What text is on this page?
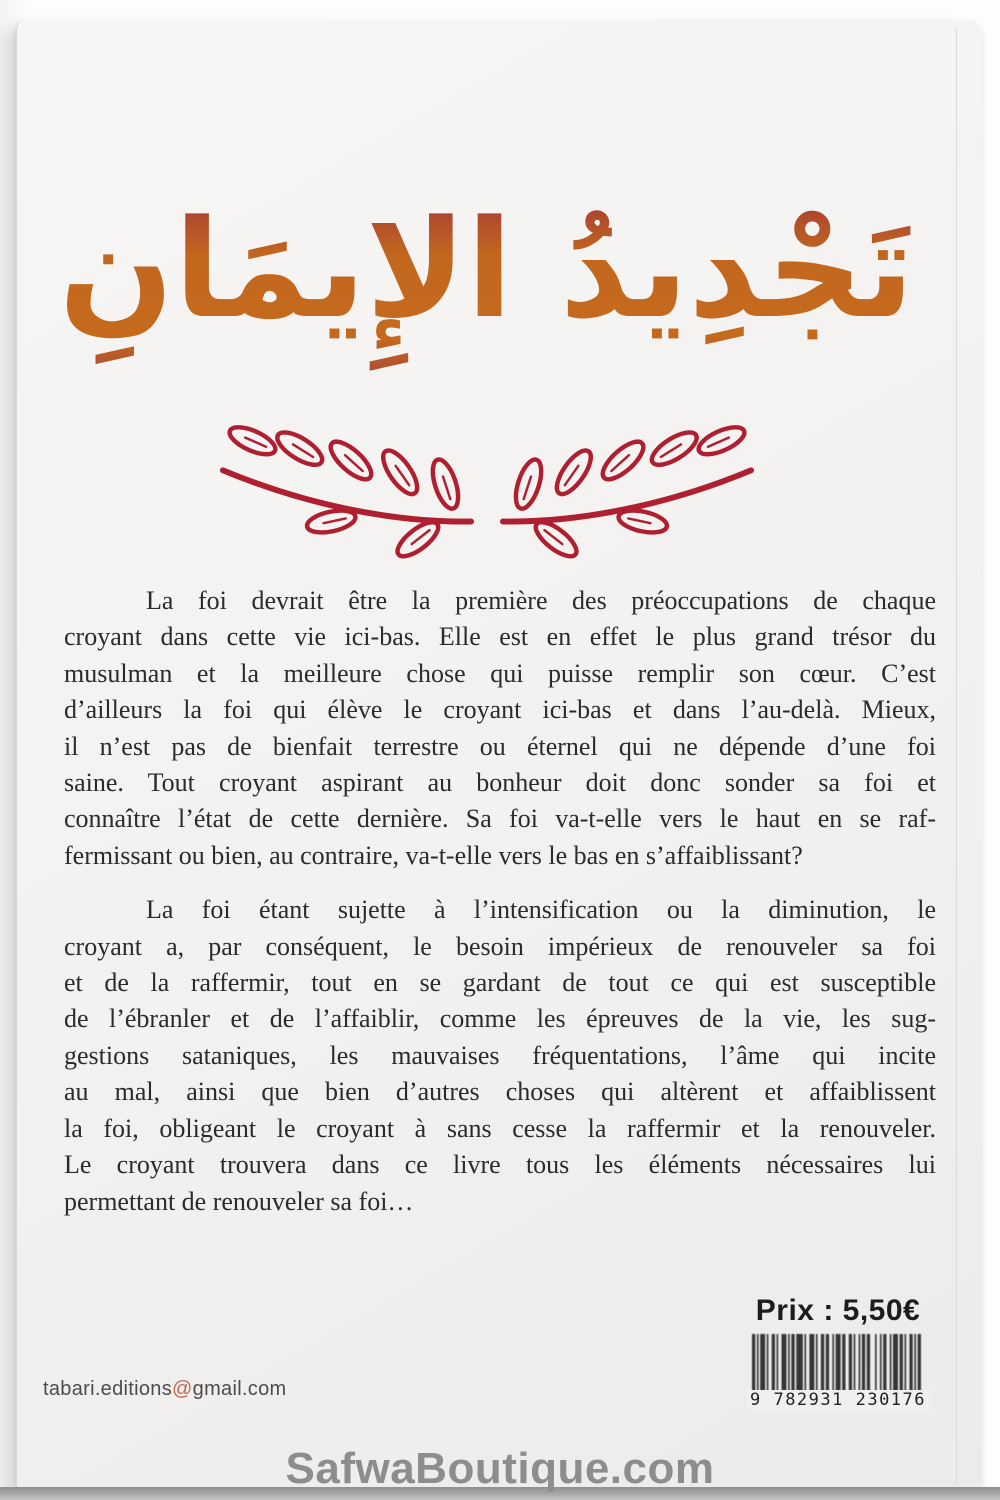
تَجْدِيدُ الإِيمَانِ
La foi devrait être la première des préoccupations de chaque
croyant dans cette vie ici-bas. Elle est en effet le plus grand trésor du
musulman et la meilleure chose qui puisse remplir son cœur. C’est
d’ailleurs la foi qui élève le croyant ici-bas et dans l’au-delà. Mieux,
il n’est pas de bienfait terrestre ou éternel qui ne dépende d’une foi
saine. Tout croyant aspirant au bonheur doit donc sonder sa foi et
connaître l’état de cette dernière. Sa foi va-t-elle vers le haut en se raf-
fermissant ou bien, au contraire, va-t-elle vers le bas en s’affaiblissant?
La foi étant sujette à l’intensification ou la diminution, le
croyant a, par conséquent, le besoin impérieux de renouveler sa foi
et de la raffermir, tout en se gardant de tout ce qui est susceptible
de l’ébranler et de l’affaiblir, comme les épreuves de la vie, les sug-
gestions sataniques, les mauvaises fréquentations, l’âme qui incite
au mal, ainsi que bien d’autres choses qui altèrent et affaiblissent
la foi, obligeant le croyant à sans cesse la raffermir et la renouveler.
Le croyant trouvera dans ce livre tous les éléments nécessaires lui
permettant de renouveler sa foi…
Prix : 5,50€
9 782931 230176
tabari.editions@gmail.com
SafwaBoutique.com
